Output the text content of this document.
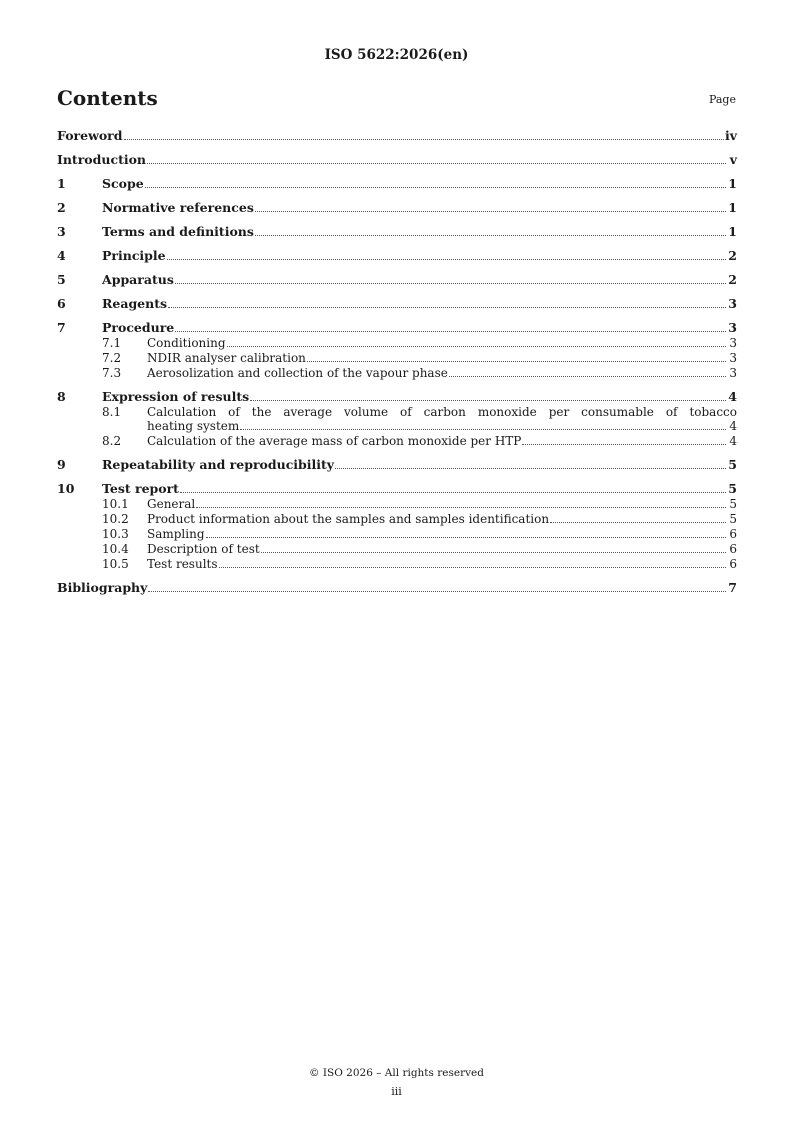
ISO 5622:2026(en)
Contents	Page
Foreword	iv
Introduction	v
1	Scope	1
2	Normative references	1
3	Terms and definitions	1
4	Principle	2
5	Apparatus	2
6	Reagents	3
7	Procedure	3
7.1	Conditioning	3
7.2	NDIR analyser calibration	3
7.3	Aerosolization and collection of the vapour phase	3
8	Expression of results	4
8.1	Calculation of the average volume of carbon monoxide per consumable of tobacco
heating system	4
8.2	Calculation of the average mass of carbon monoxide per HTP	4
9	Repeatability and reproducibility	5
10	Test report	5
10.1	General	5
10.2	Product information about the samples and samples identification	5
10.3	Sampling	6
10.4	Description of test	6
10.5	Test results	6
Bibliography	7
© ISO 2026 – All rights reserved
iii
